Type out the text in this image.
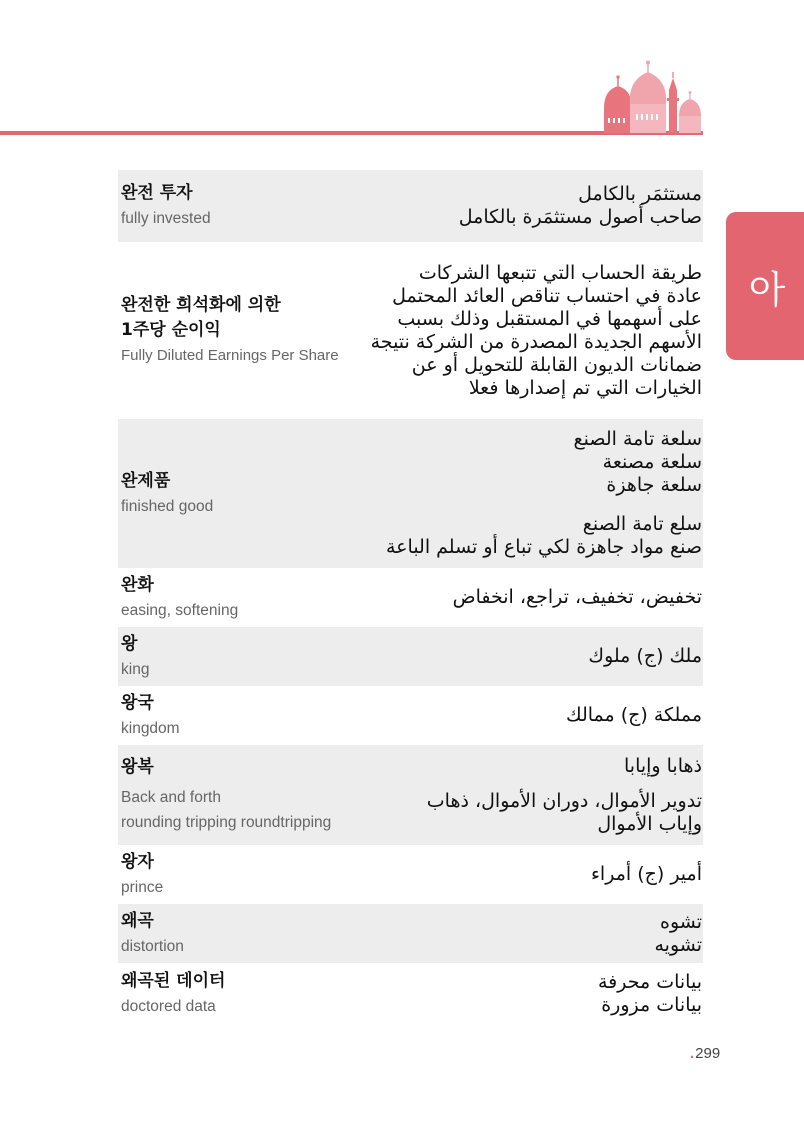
아
완전 투자
fully invested
مستثمَر بالكامل
صاحب أصول مستثمَرة بالكامل
완전한 희석화에 의한
1주당 순이익
Fully Diluted Earnings Per Share
طريقة الحساب التي تتبعها الشركات
عادة في احتساب تناقص العائد المحتمل
على أسهمها في المستقبل وذلك بسبب
الأسهم الجديدة المصدرة من الشركة نتيجة
ضمانات الديون القابلة للتحويل أو عن
الخيارات التي تم إصدارها فعلا
완제품
finished good
سلعة تامة الصنع
سلعة مصنعة
سلعة جاهزة
سلع تامة الصنع
صنع مواد جاهزة لكي تباع أو تسلم الباعة
완화
easing, softening
تخفيض، تخفيف، تراجع، انخفاض
왕
king
ملك (ج) ملوك
왕국
kingdom
مملكة (ج) ممالك
왕복
Back and forth
rounding tripping roundtripping
ذهابا وإيابا
تدوير الأموال، دوران الأموال، ذهاب
وإياب الأموال
왕자
prince
أمير (ج) أمراء
왜곡
distortion
تشوه
تشويه
왜곡된 데이터
doctored data
بيانات محرفة
بيانات مزورة
.299
